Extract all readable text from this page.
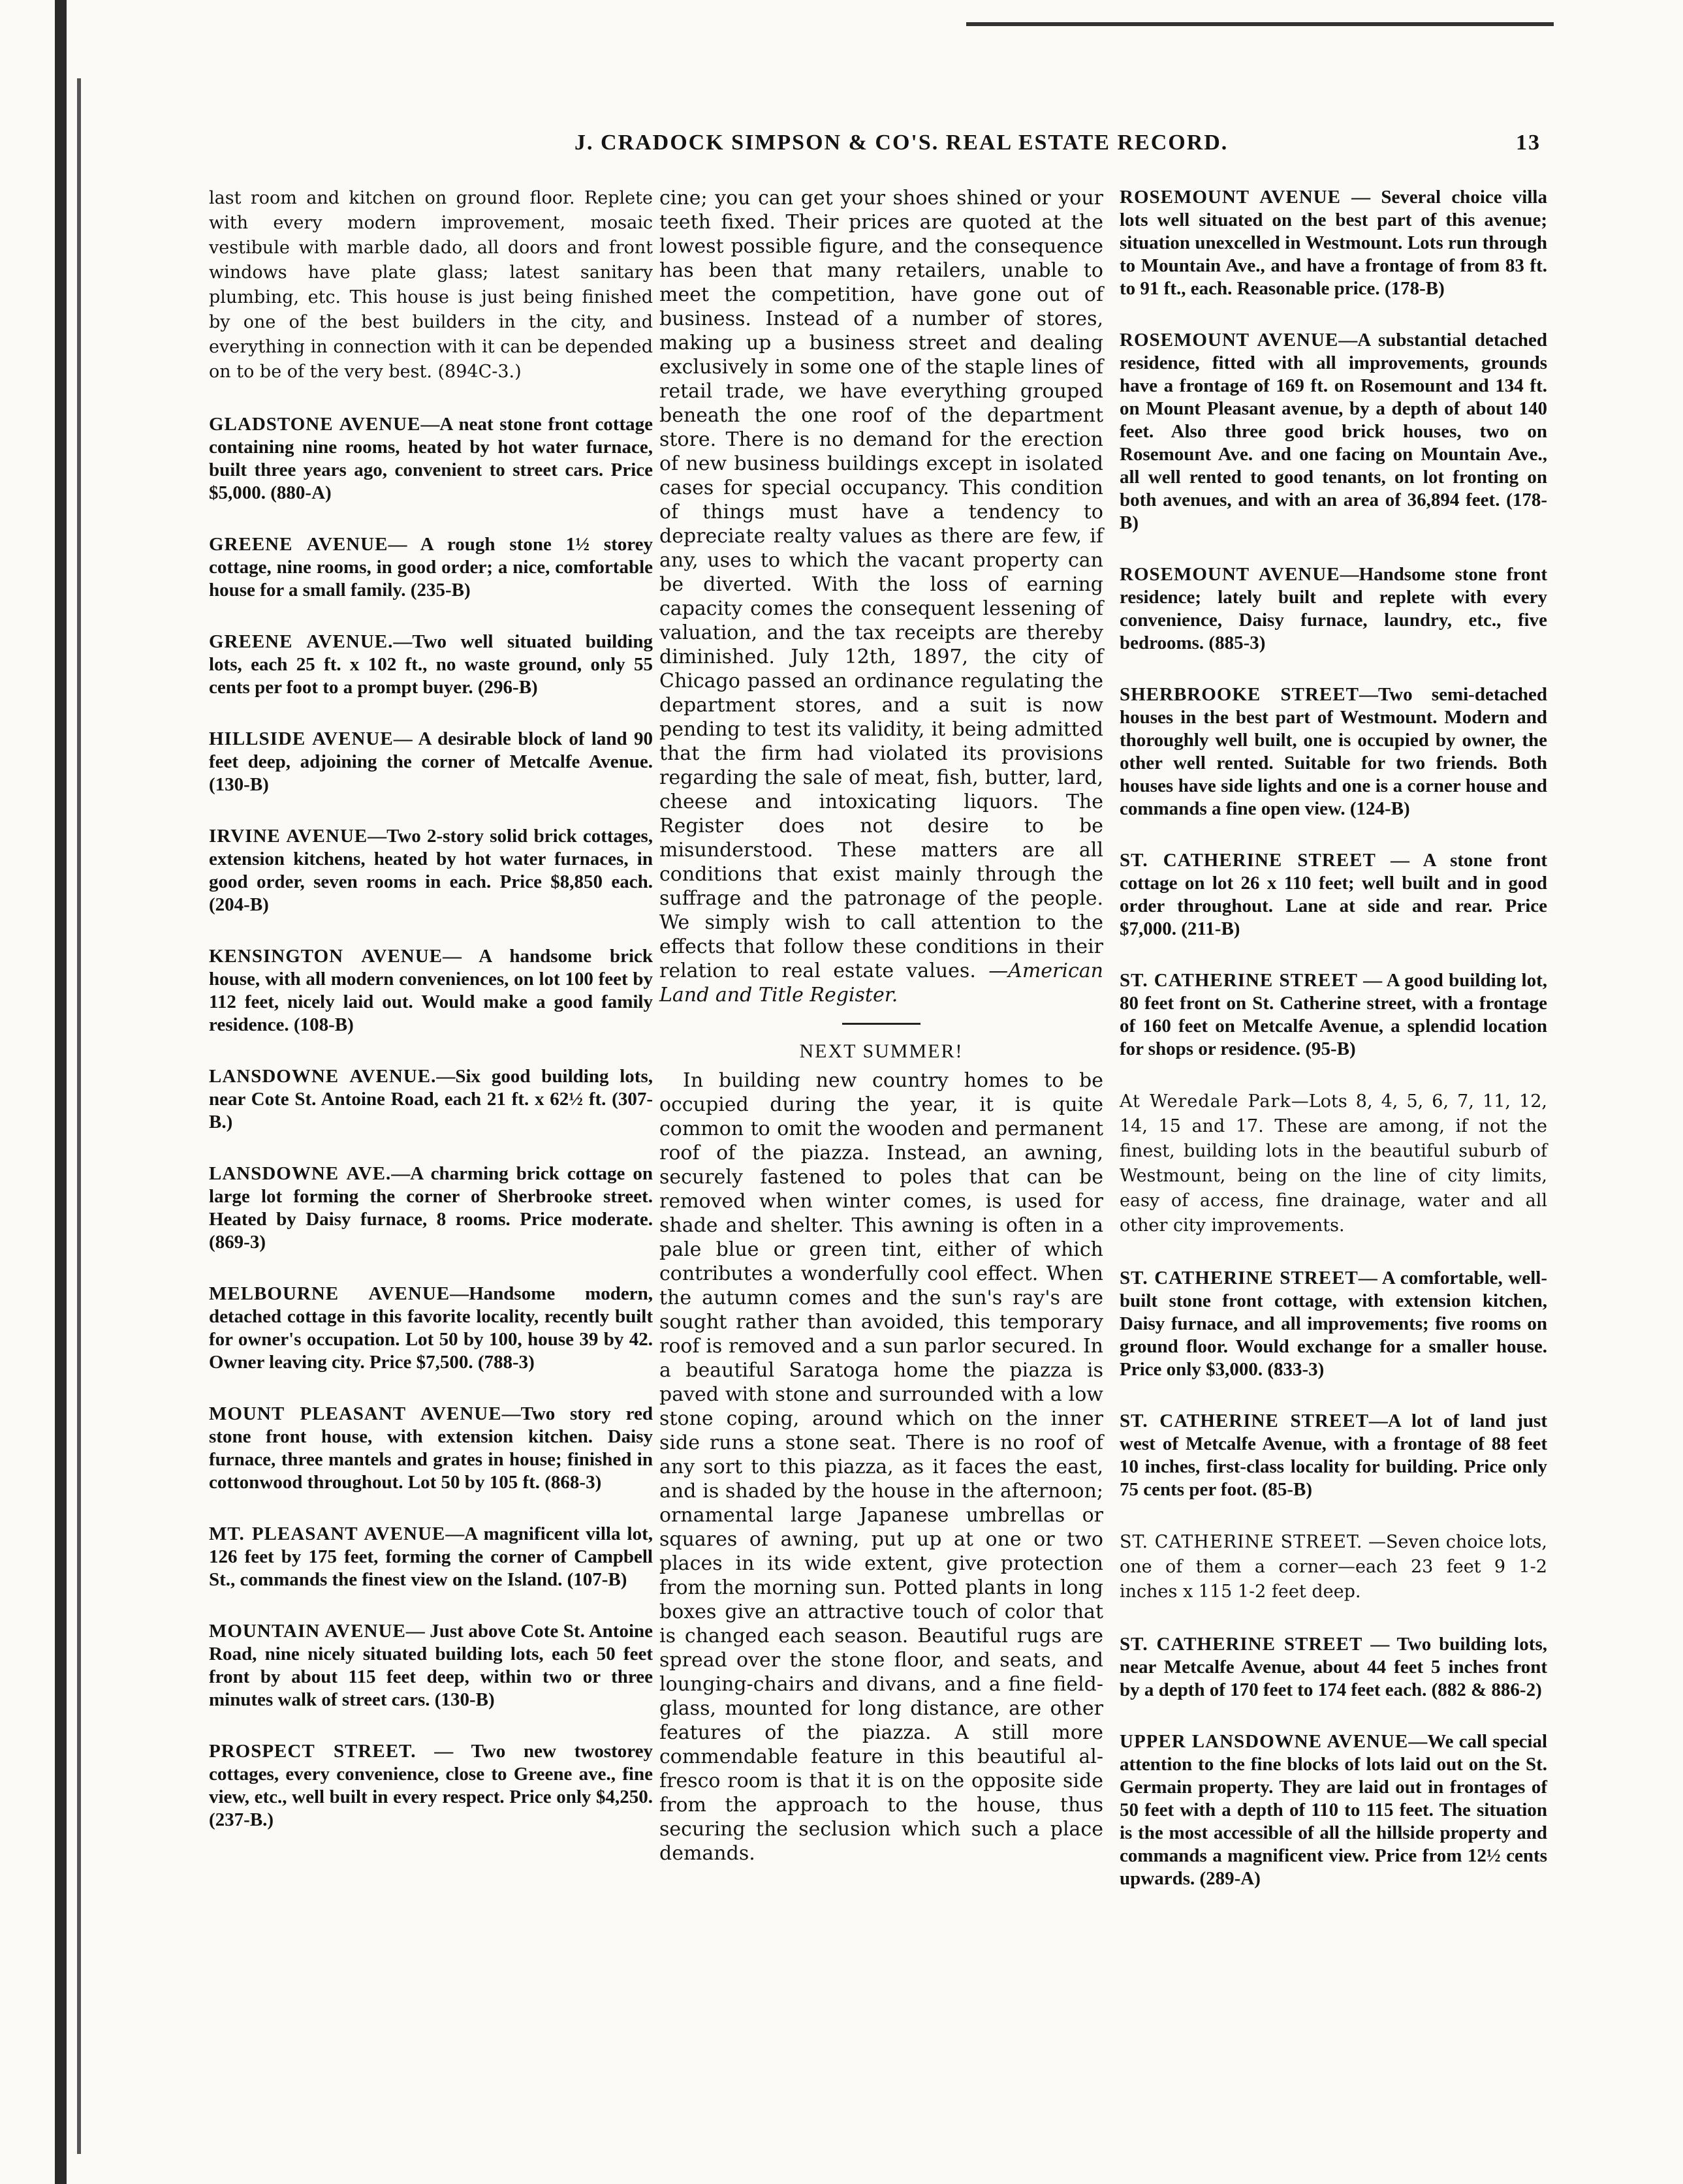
J. CRADOCK SIMPSON & CO'S. REAL ESTATE RECORD.	13
last room and kitchen on ground floor. Replete with every modern improvement, mosaic vestibule with marble dado, all doors and front windows have plate glass; latest sanitary plumbing, etc. This house is just being finished by one of the best builders in the city, and everything in connection with it can be depended on to be of the very best. (894C-3.)
GLADSTONE AVENUE—A neat stone front cottage containing nine rooms, heated by hot water furnace, built three years ago, convenient to street cars. Price $5,000. (880-A)
GREENE AVENUE— A rough stone 1½ storey cottage, nine rooms, in good order; a nice, comfortable house for a small family. (235-B)
GREENE AVENUE.—Two well situated building lots, each 25 ft. x 102 ft., no waste ground, only 55 cents per foot to a prompt buyer. (296-B)
HILLSIDE AVENUE— A desirable block of land 90 feet deep, adjoining the corner of Metcalfe Avenue. (130-B)
IRVINE AVENUE—Two 2-story solid brick cottages, extension kitchens, heated by hot water furnaces, in good order, seven rooms in each. Price $8,850 each. (204-B)
KENSINGTON AVENUE— A handsome brick house, with all modern conveniences, on lot 100 feet by 112 feet, nicely laid out. Would make a good family residence. (108-B)
LANSDOWNE AVENUE.—Six good building lots, near Cote St. Antoine Road, each 21 ft. x 62½ ft. (307-B.)
LANSDOWNE AVE.—A charming brick cottage on large lot forming the corner of Sherbrooke street. Heated by Daisy furnace, 8 rooms. Price moderate. (869-3)
MELBOURNE AVENUE—Handsome modern, detached cottage in this favorite locality, recently built for owner's occupation. Lot 50 by 100, house 39 by 42. Owner leaving city. Price $7,500. (788-3)
MOUNT PLEASANT AVENUE—Two story red stone front house, with extension kitchen. Daisy furnace, three mantels and grates in house; finished in cottonwood throughout. Lot 50 by 105 ft. (868-3)
MT. PLEASANT AVENUE—A magnificent villa lot, 126 feet by 175 feet, forming the corner of Campbell St., commands the finest view on the Island. (107-B)
MOUNTAIN AVENUE— Just above Cote St. Antoine Road, nine nicely situated building lots, each 50 feet front by about 115 feet deep, within two or three minutes walk of street cars. (130-B)
PROSPECT STREET. — Two new twostorey cottages, every convenience, close to Greene ave., fine view, etc., well built in every respect. Price only $4,250. (237-B.)

cine; you can get your shoes shined or your teeth fixed. Their prices are quoted at the lowest possible figure, and the consequence has been that many retailers, unable to meet the competition, have gone out of business. Instead of a number of stores, making up a business street and dealing exclusively in some one of the staple lines of retail trade, we have everything grouped beneath the one roof of the department store. There is no demand for the erection of new business buildings except in isolated cases for special occupancy. This condition of things must have a tendency to depreciate realty values as there are few, if any, uses to which the vacant property can be diverted. With the loss of earning capacity comes the consequent lessening of valuation, and the tax receipts are thereby diminished. July 12th, 1897, the city of Chicago passed an ordinance regulating the department stores, and a suit is now pending to test its validity, it being admitted that the firm had violated its provisions regarding the sale of meat, fish, butter, lard, cheese and intoxicating liquors. The Register does not desire to be misunderstood. These matters are all conditions that exist mainly through the suffrage and the patronage of the people. We simply wish to call attention to the effects that follow these conditions in their relation to real estate values. —American Land and Title Register.

NEXT SUMMER!

In building new country homes to be occupied during the year, it is quite common to omit the wooden and permanent roof of the piazza. Instead, an awning, securely fastened to poles that can be removed when winter comes, is used for shade and shelter. This awning is often in a pale blue or green tint, either of which contributes a wonderfully cool effect. When the autumn comes and the sun's ray's are sought rather than avoided, this temporary roof is removed and a sun parlor secured. In a beautiful Saratoga home the piazza is paved with stone and surrounded with a low stone coping, around which on the inner side runs a stone seat. There is no roof of any sort to this piazza, as it faces the east, and is shaded by the house in the afternoon; ornamental large Japanese umbrellas or squares of awning, put up at one or two places in its wide extent, give protection from the morning sun. Potted plants in long boxes give an attractive touch of color that is changed each season. Beautiful rugs are spread over the stone floor, and seats, and lounging-chairs and divans, and a fine field-glass, mounted for long distance, are other features of the piazza. A still more commendable feature in this beautiful al-fresco room is that it is on the opposite side from the approach to the house, thus securing the seclusion which such a place demands.

ROSEMOUNT AVENUE — Several choice villa lots well situated on the best part of this avenue; situation unexcelled in Westmount. Lots run through to Mountain Ave., and have a frontage of from 83 ft. to 91 ft., each. Reasonable price. (178-B)
ROSEMOUNT AVENUE—A substantial detached residence, fitted with all improvements, grounds have a frontage of 169 ft. on Rosemount and 134 ft. on Mount Pleasant avenue, by a depth of about 140 feet. Also three good brick houses, two on Rosemount Ave. and one facing on Mountain Ave., all well rented to good tenants, on lot fronting on both avenues, and with an area of 36,894 feet. (178-B)
ROSEMOUNT AVENUE—Handsome stone front residence; lately built and replete with every convenience, Daisy furnace, laundry, etc., five bedrooms. (885-3)
SHERBROOKE STREET—Two semi-detached houses in the best part of Westmount. Modern and thoroughly well built, one is occupied by owner, the other well rented. Suitable for two friends. Both houses have side lights and one is a corner house and commands a fine open view. (124-B)
ST. CATHERINE STREET — A stone front cottage on lot 26 x 110 feet; well built and in good order throughout. Lane at side and rear. Price $7,000. (211-B)
ST. CATHERINE STREET — A good building lot, 80 feet front on St. Catherine street, with a frontage of 160 feet on Metcalfe Avenue, a splendid location for shops or residence. (95-B)
At Weredale Park—Lots 8, 4, 5, 6, 7, 11, 12, 14, 15 and 17. These are among, if not the finest, building lots in the beautiful suburb of Westmount, being on the line of city limits, easy of access, fine drainage, water and all other city improvements.
ST. CATHERINE STREET— A comfortable, well-built stone front cottage, with extension kitchen, Daisy furnace, and all improvements; five rooms on ground floor. Would exchange for a smaller house. Price only $3,000. (833-3)
ST. CATHERINE STREET—A lot of land just west of Metcalfe Avenue, with a frontage of 88 feet 10 inches, first-class locality for building. Price only 75 cents per foot. (85-B)
ST. CATHERINE STREET. —Seven choice lots, one of them a corner—each 23 feet 9 1-2 inches x 115 1-2 feet deep.
ST. CATHERINE STREET — Two building lots, near Metcalfe Avenue, about 44 feet 5 inches front by a depth of 170 feet to 174 feet each. (882 & 886-2)
UPPER LANSDOWNE AVENUE—We call special attention to the fine blocks of lots laid out on the St. Germain property. They are laid out in frontages of 50 feet with a depth of 110 to 115 feet. The situation is the most accessible of all the hillside property and commands a magnificent view. Price from 12½ cents upwards. (289-A)
